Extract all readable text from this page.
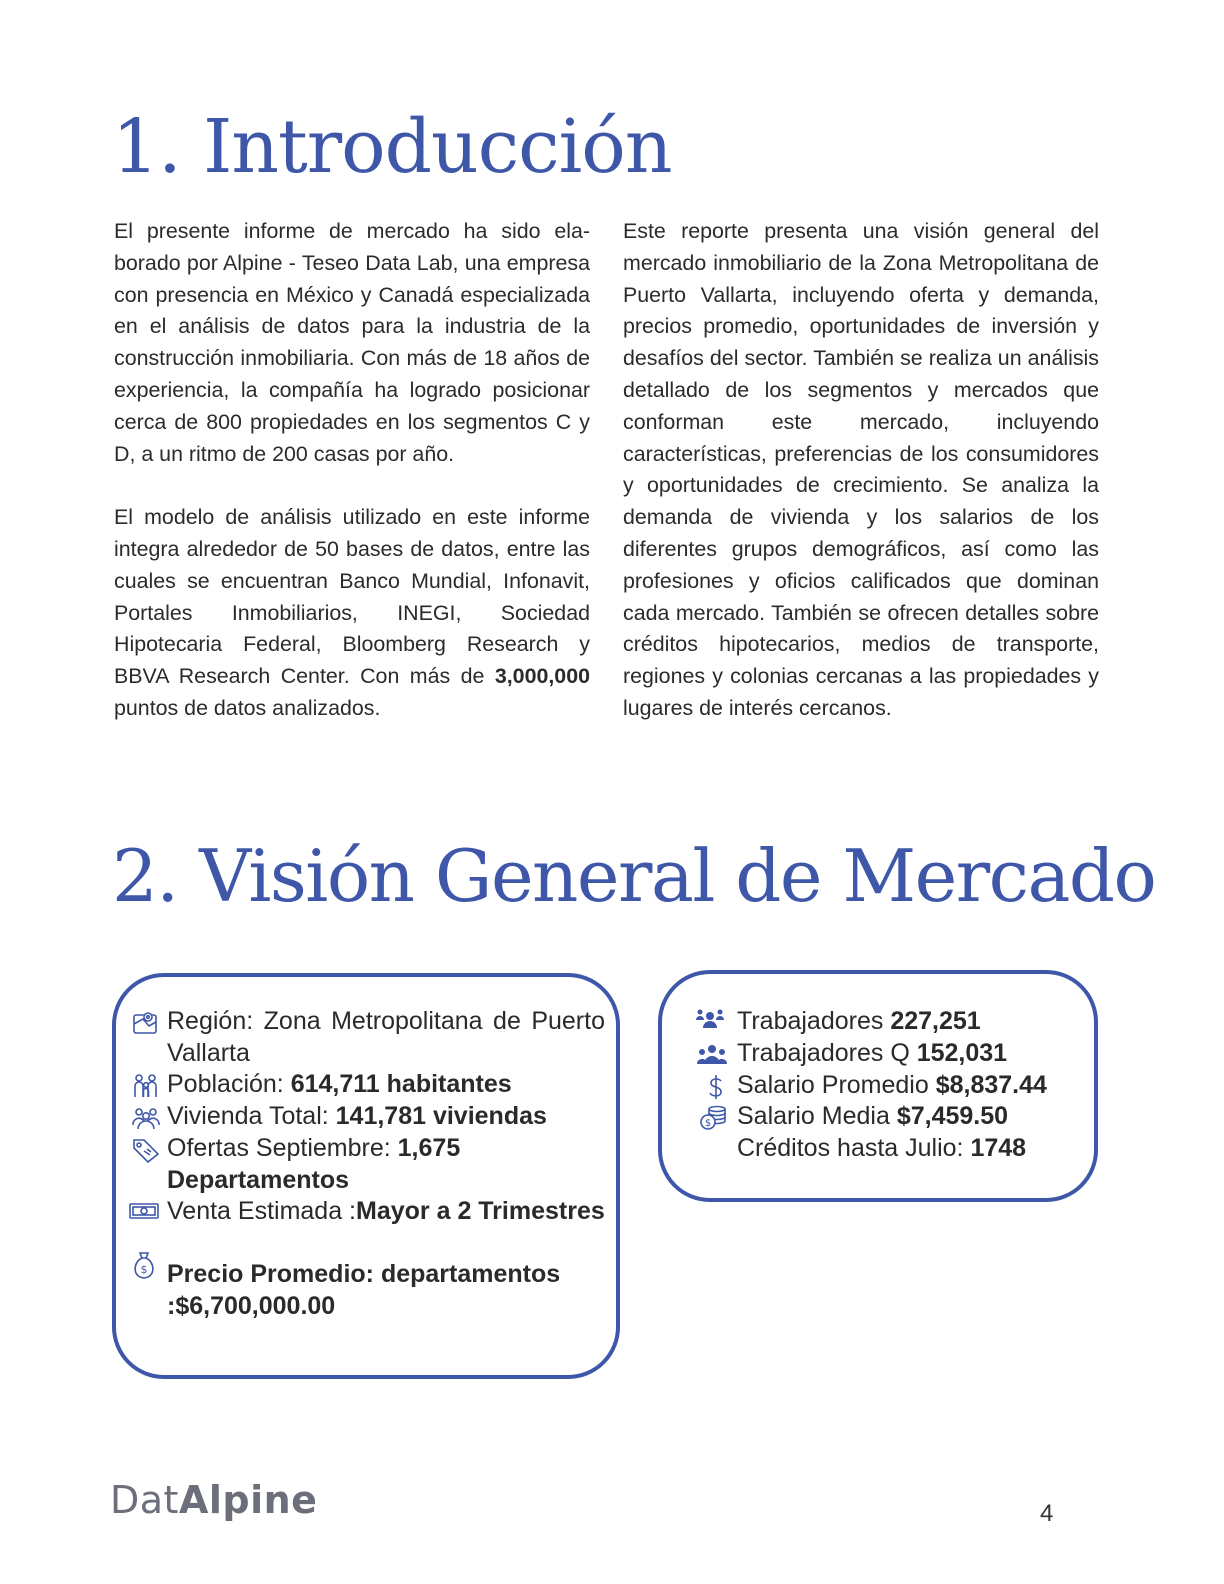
1. Introducción

El presente informe de mercado ha sido elaborado por Alpine - Teseo Data Lab, una empresa con presencia en México y Canadá especializada en el análisis de datos para la industria de la construcción inmobiliaria. Con más de 18 años de experiencia, la compañía ha logrado posicionar cerca de 800 propiedades en los segmentos C y D, a un ritmo de 200 casas por año.

El modelo de análisis utilizado en este informe integra alrededor de 50 bases de datos, entre las cuales se encuentran Banco Mundial, Infonavit, Portales Inmobiliarios, INEGI, Sociedad Hipotecaria Federal, Bloomberg Research y BBVA Research Center. Con más de 3,000,000 puntos de datos analizados.

Este reporte presenta una visión general del mercado inmobiliario de la Zona Metropolitana de Puerto Vallarta, incluyendo oferta y demanda, precios promedio, oportunidades de inversión y desafíos del sector. También se realiza un análisis detallado de los segmentos y mercados que conforman este mercado, incluyendo características, preferencias de los consumidores y oportunidades de crecimiento. Se analiza la demanda de vivienda y los salarios de los diferentes grupos demográficos, así como las profesiones y oficios calificados que dominan cada mercado. También se ofrecen detalles sobre créditos hipotecarios, medios de transporte, regiones y colonias cercanas a las propiedades y lugares de interés cercanos.

2. Visión General de Mercado
Región: Zona Metropolitana de Puerto Vallarta
Población: 614,711 habitantes
Vivienda Total: 141,781 viviendas
Ofertas Septiembre: 1,675 Departamentos
Venta Estimada :Mayor a 2 Trimestres
$ Precio Promedio: departamentos :$6,700,000.00
Trabajadores 227,251
Trabajadores Q 152,031
Salario Promedio $8,837.44
$ Salario Media $7,459.50
Créditos hasta Julio: 1748
DatAlpine	4
